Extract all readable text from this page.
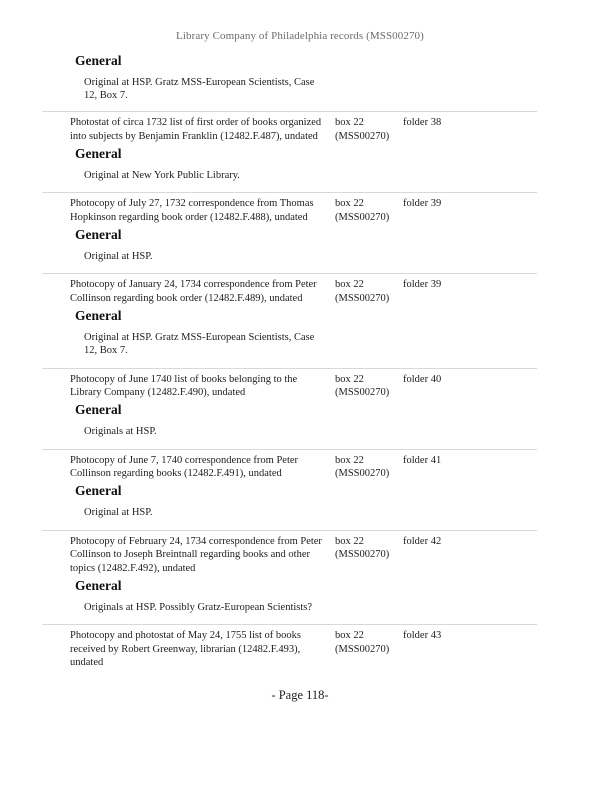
Library Company of Philadelphia records (MSS00270)
General

Original at HSP. Gratz MSS-European Scientists, Case 12, Box 7.

Photostat of circa 1732 list of first order of books organized into subjects by Benjamin Franklin (12482.F.487), undated
box 22
(MSS00270)
folder 38
General

Original at New York Public Library.

Photocopy of July 27, 1732 correspondence from Thomas Hopkinson regarding book order (12482.F.488), undated
box 22
(MSS00270)
folder 39
General

Original at HSP.

Photocopy of January 24, 1734 correspondence from Peter Collinson regarding book order (12482.F.489), undated
box 22
(MSS00270)
folder 39
General

Original at HSP. Gratz MSS-European Scientists, Case 12, Box 7.

Photocopy of June 1740 list of books belonging to the Library Company (12482.F.490), undated
box 22
(MSS00270)
folder 40
General

Originals at HSP.

Photocopy of June 7, 1740 correspondence from Peter Collinson regarding books (12482.F.491), undated
box 22
(MSS00270)
folder 41
General

Original at HSP.

Photocopy of February 24, 1734 correspondence from Peter Collinson to Joseph Breintnall regarding books and other topics (12482.F.492), undated
box 22
(MSS00270)
folder 42
General

Originals at HSP. Possibly Gratz-European Scientists?

Photocopy and photostat of May 24, 1755 list of books received by Robert Greenway, librarian (12482.F.493), undated
box 22
(MSS00270)
folder 43
- Page 118-
